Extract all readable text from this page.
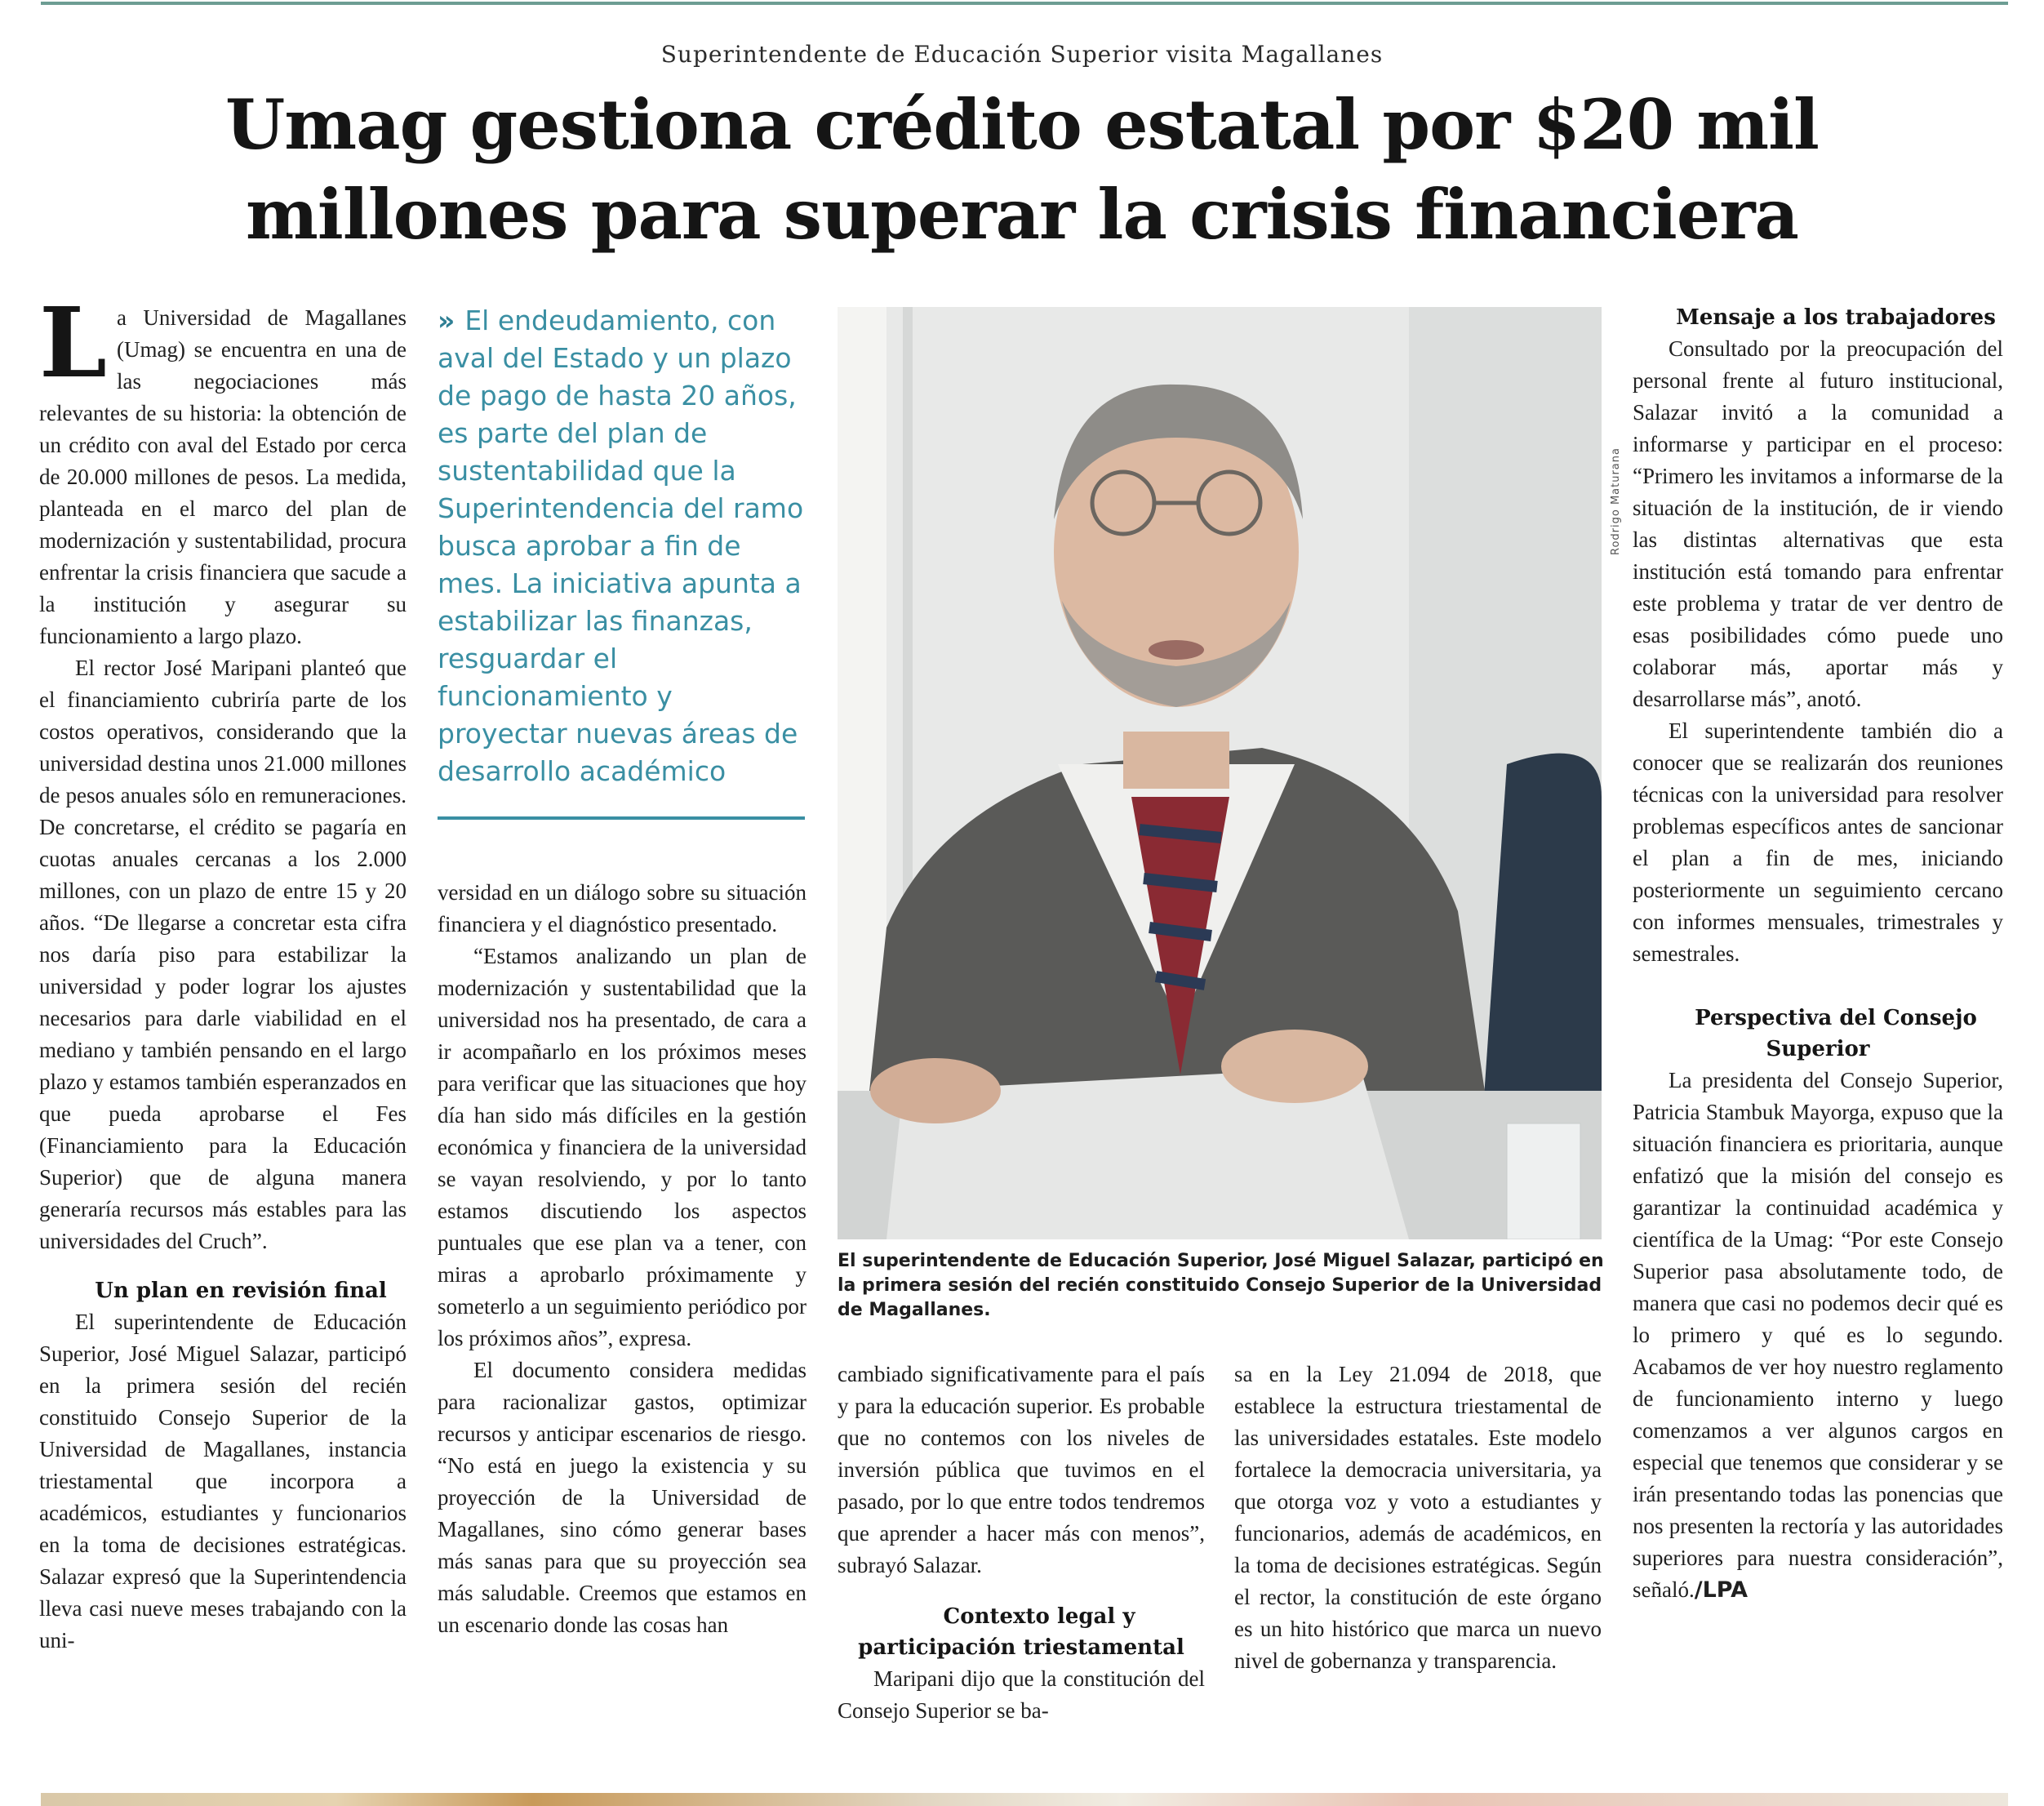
Superintendente de Educación Superior visita Magallanes
Umag gestiona crédito estatal por $20 mil millones para superar la crisis financiera

La Universidad de Magallanes (Umag) se encuentra en una de las negociaciones más relevantes de su historia: la obtención de un crédito con aval del Estado por cerca de 20.000 millones de pesos. La medida, planteada en el marco del plan de modernización y sustentabilidad, procura enfrentar la crisis financiera que sacude a la institución y asegurar su funcionamiento a largo plazo.

El rector José Maripani planteó que el financiamiento cubriría parte de los costos operativos, considerando que la universidad destina unos 21.000 millones de pesos anuales sólo en remuneraciones. De concretarse, el crédito se pagaría en cuotas anuales cercanas a los 2.000 millones, con un plazo de entre 15 y 20 años. “De llegarse a concretar esta cifra nos daría piso para estabilizar la universidad y poder lograr los ajustes necesarios para darle viabilidad en el mediano y también pensando en el largo plazo y estamos también esperanzados en que pueda aprobarse el Fes (Financiamiento para la Educación Superior) que de alguna manera generaría recursos más estables para las universidades del Cruch”.

Un plan en revisión final

El superintendente de Educación Superior, José Miguel Salazar, participó en la primera sesión del recién constituido Consejo Superior de la Universidad de Magallanes, instancia triestamental que incorpora a académicos, estudiantes y funcionarios en la toma de decisiones estratégicas. Salazar expresó que la Superintendencia lleva casi nueve meses trabajando con la uni-

» El endeudamiento, con aval del Estado y un plazo de pago de hasta 20 años, es parte del plan de sustentabilidad que la Superintendencia del ramo busca aprobar a fin de mes. La iniciativa apunta a estabilizar las finanzas, resguardar el funcionamiento y proyectar nuevas áreas de desarrollo académico

versidad en un diálogo sobre su situación financiera y el diagnóstico presentado.

“Estamos analizando un plan de modernización y sustentabilidad que la universidad nos ha presentado, de cara a ir acompañarlo en los próximos meses para verificar que las situaciones que hoy día han sido más difíciles en la gestión económica y financiera de la universidad se vayan resolviendo, y por lo tanto estamos discutiendo los aspectos puntuales que ese plan va a tener, con miras a aprobarlo próximamente y someterlo a un seguimiento periódico por los próximos años”, expresa.

El documento considera medidas para racionalizar gastos, optimizar recursos y anticipar escenarios de riesgo. “No está en juego la existencia y su proyección de la Universidad de Magallanes, sino cómo generar bases más sanas para que su proyección sea más saludable. Creemos que estamos en un escenario donde las cosas han

Rodrigo Maturana

El superintendente de Educación Superior, José Miguel Salazar, participó en la primera sesión del recién constituido Consejo Superior de la Universidad de Magallanes.

cambiado significativamente para el país y para la educación superior. Es probable que no contemos con los niveles de inversión pública que tuvimos en el pasado, por lo que entre todos tendremos que aprender a hacer más con menos”, subrayó Salazar.

Contexto legal y participación triestamental

Maripani dijo que la constitución del Consejo Superior se ba-

sa en la Ley 21.094 de 2018, que establece la estructura triestamental de las universidades estatales. Este modelo fortalece la democracia universitaria, ya que otorga voz y voto a estudiantes y funcionarios, además de académicos, en la toma de decisiones estratégicas. Según el rector, la constitución de este órgano es un hito histórico que marca un nuevo nivel de gobernanza y transparencia.

Mensaje a los trabajadores

Consultado por la preocupación del personal frente al futuro institucional, Salazar invitó a la comunidad a informarse y participar en el proceso: “Primero les invitamos a informarse de la situación de la institución, de ir viendo las distintas alternativas que esta institución está tomando para enfrentar este problema y tratar de ver dentro de esas posibilidades cómo puede uno colaborar más, aportar más y desarrollarse más”, anotó.

El superintendente también dio a conocer que se realizarán dos reuniones técnicas con la universidad para resolver problemas específicos antes de sancionar el plan a fin de mes, iniciando posteriormente un seguimiento cercano con informes mensuales, trimestrales y semestrales.

Perspectiva del Consejo Superior

La presidenta del Consejo Superior, Patricia Stambuk Mayorga, expuso que la situación financiera es prioritaria, aunque enfatizó que la misión del consejo es garantizar la continuidad académica y científica de la Umag: “Por este Consejo Superior pasa absolutamente todo, de manera que casi no podemos decir qué es lo primero y qué es lo segundo. Acabamos de ver hoy nuestro reglamento de funcionamiento interno y luego comenzamos a ver algunos cargos en especial que tenemos que considerar y se irán presentando todas las ponencias que nos presenten la rectoría y las autoridades superiores para nuestra consideración”, señaló./LPA
